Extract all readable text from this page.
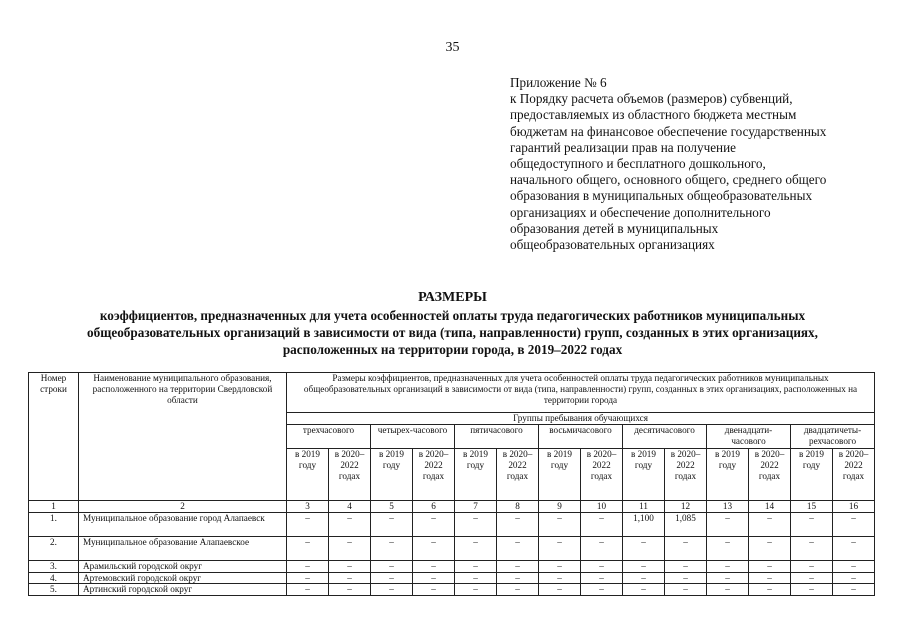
35
Приложение № 6
к Порядку расчета объемов (размеров) субвенций,
предоставляемых из областного бюджета местным
бюджетам на финансовое обеспечение государственных
гарантий реализации прав на получение
общедоступного и бесплатного дошкольного,
начального общего, основного общего, среднего общего
образования в муниципальных общеобразовательных
организациях и обеспечение дополнительного
образования детей в муниципальных
общеобразовательных организациях
РАЗМЕРЫ
коэффициентов, предназначенных для учета особенностей оплаты труда педагогических работников муниципальных
общеобразовательных организаций в зависимости от вида (типа, направленности) групп, созданных в этих организациях,
расположенных на территории города, в 2019–2022 годах
Номер строки	Наименование муниципального образования, расположенного на территории Свердловской области	Размеры коэффициентов, предназначенных для учета особенностей оплаты труда педагогических работников муниципальных общеобразовательных организаций в зависимости от вида (типа, направленности) групп, созданных в этих организациях, расположенных на территории города													
		Группы пребывания обучающихся													
		трехчасового		четырех-часового		пятичасового		восьмичасового		десятичасового		двенадцати-часового		двадцатичеты-рехчасового	
		в 2019 году	в 2020–2022 годах	в 2019 году	в 2020–2022 годах	в 2019 году	в 2020–2022 годах	в 2019 году	в 2020–2022 годах	в 2019 году	в 2020–2022 годах	в 2019 году	в 2020–2022 годах	в 2019 году	в 2020–2022 годах
1	2	3	4	5	6	7	8	9	10	11	12	13	14	15	16
1.	Муниципальное образование город Алапаевск	–	–	–	–	–	–	–	–	1,100	1,085	–	–	–	–
2.	Муниципальное образование Алапаевское	–	–	–	–	–	–	–	–	–	–	–	–	–	–
3.	Арамильский городской округ	–	–	–	–	–	–	–	–	–	–	–	–	–	–
4.	Артемовский городской округ	–	–	–	–	–	–	–	–	–	–	–	–	–	–
5.	Артинский городской округ	–	–	–	–	–	–	–	–	–	–	–	–	–	–
